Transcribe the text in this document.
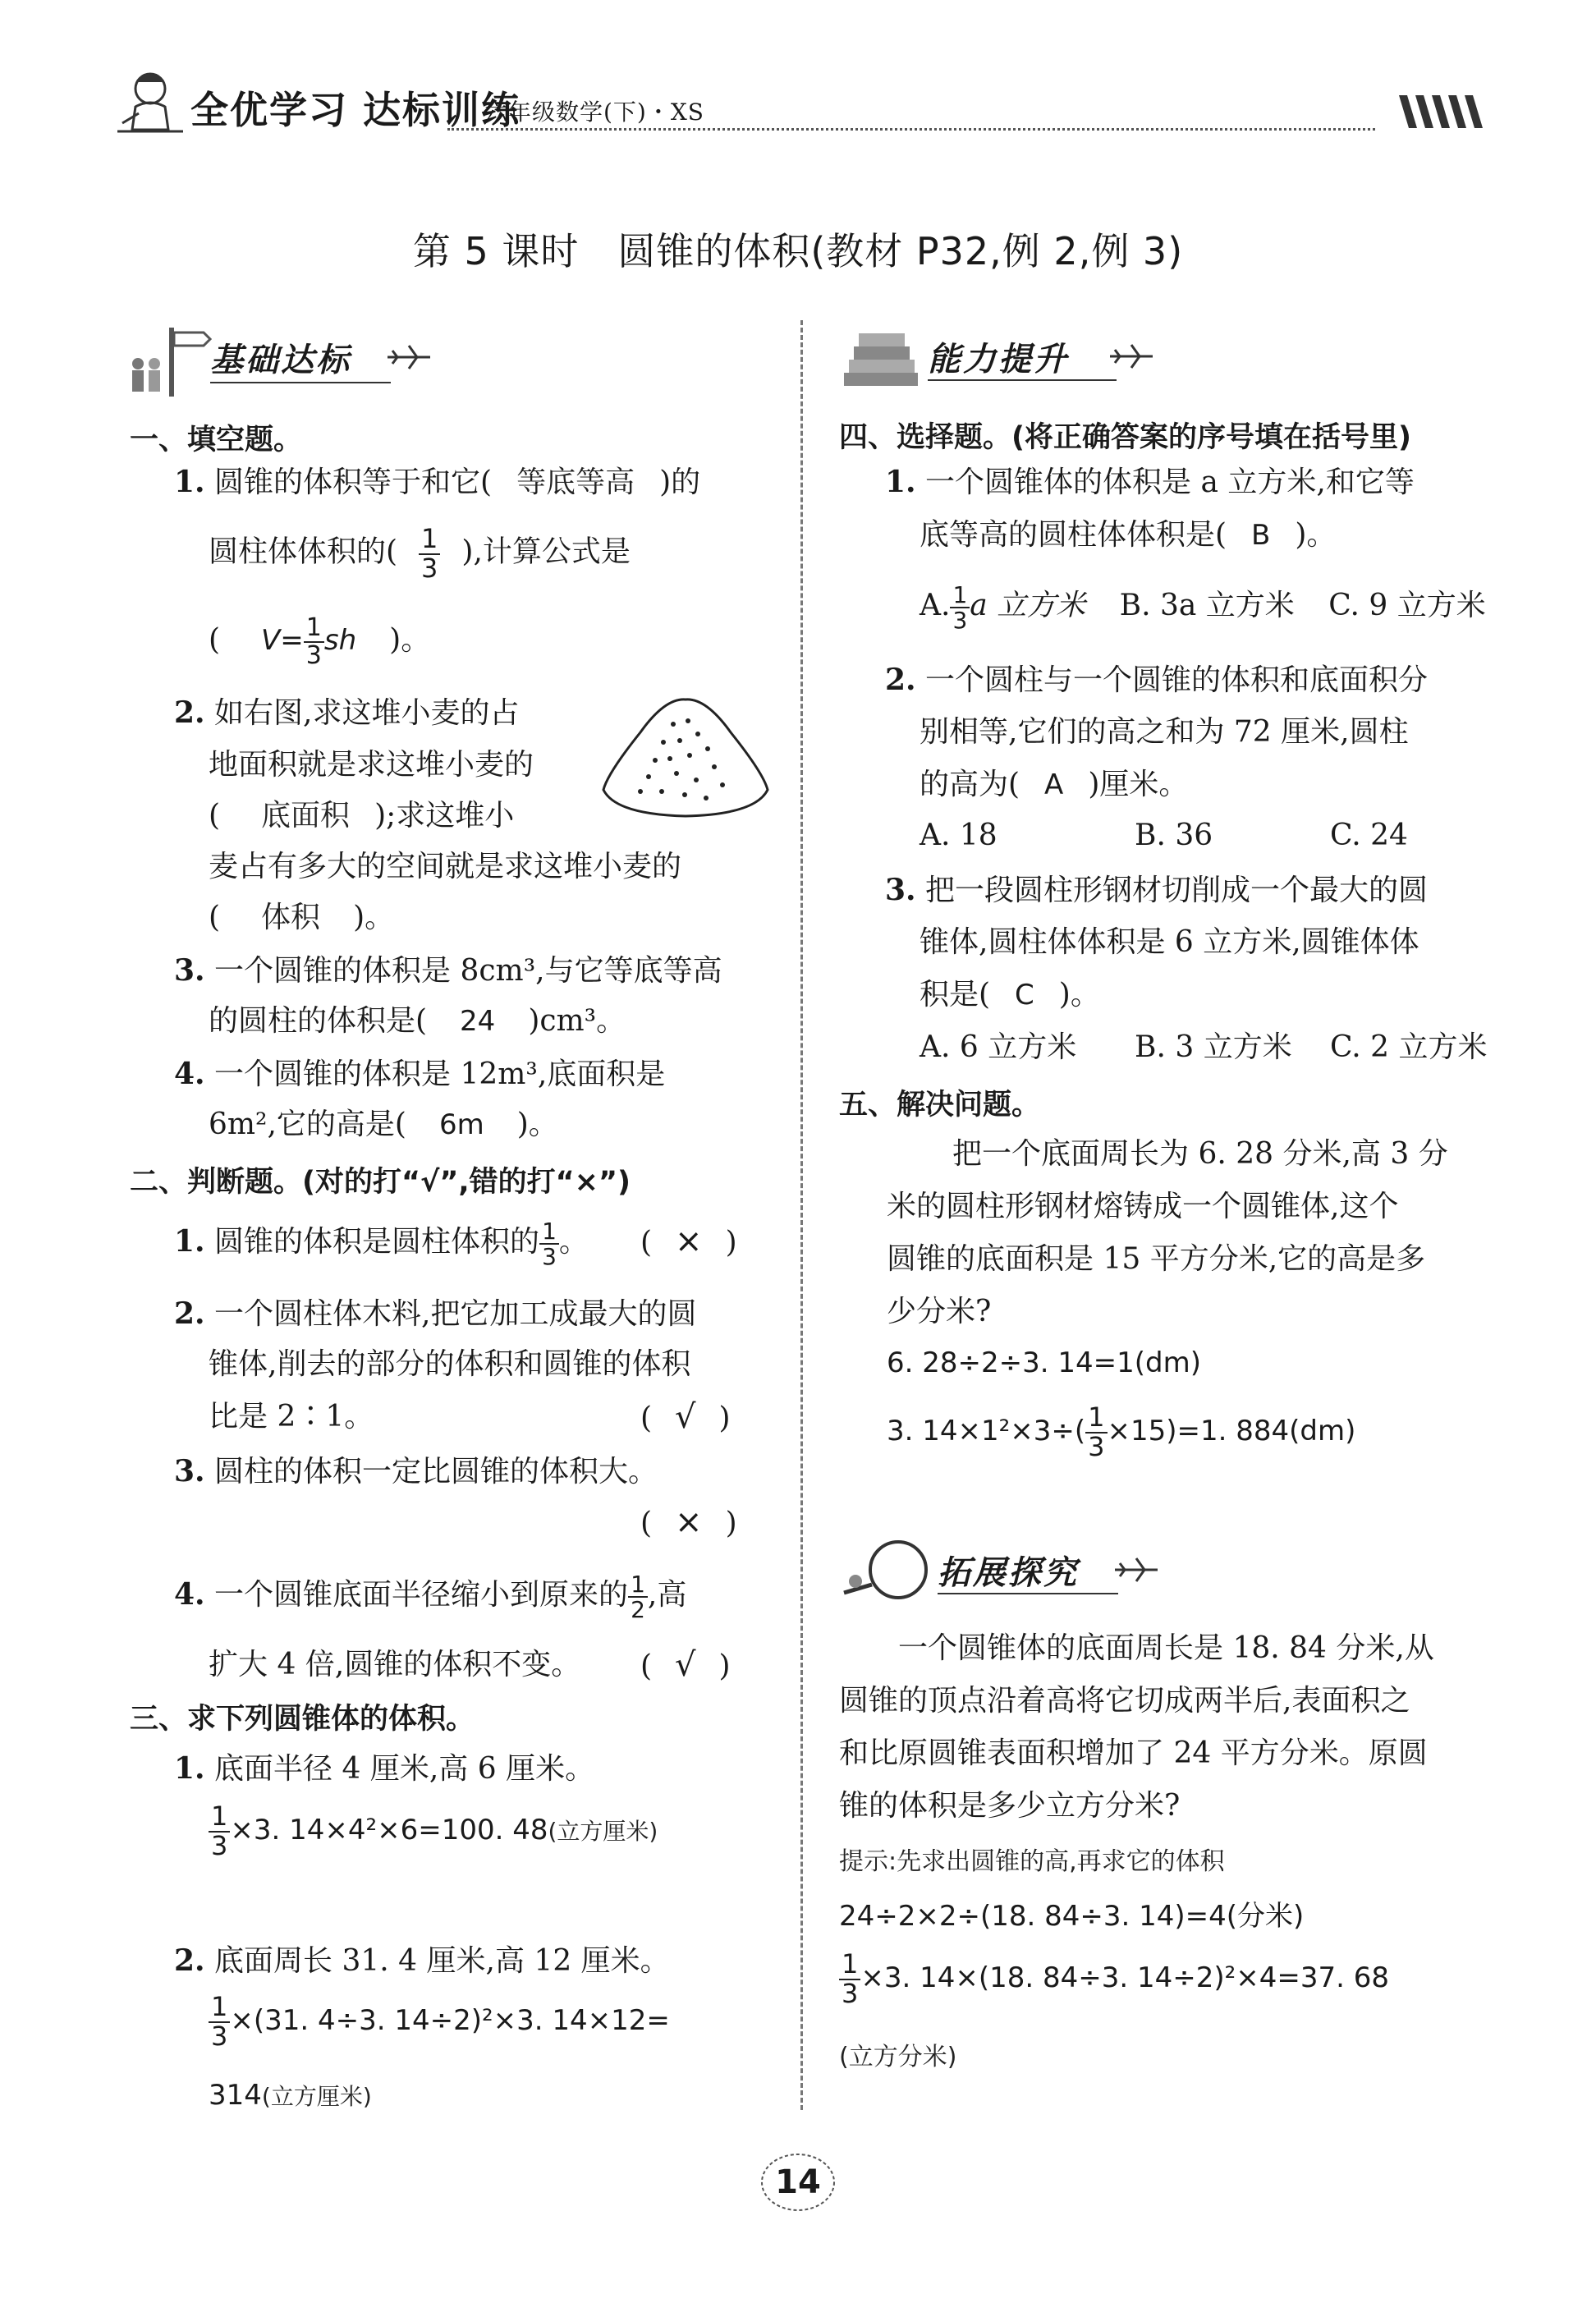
全优学习 达标训练
六年级数学(下)・XS
第 5 课时　圆锥的体积(教材 P32,例 2,例 3)
基础达标
一、填空题。
1. 圆锥的体积等于和它( 等底等高 )的
圆柱体体积的( $\frac{1}{3}$ ),计算公式是
( $V= \frac{1}{3}$ sh )。
2. 如右图,求这堆小麦的占
地面积就是求这堆小麦的
( 底面积 );求这堆小
麦占有多大的空间就是求这堆小麦的
( 体积 )。
3. 一个圆锥的体积是 8cm³,与它等底等高
的圆柱的体积是( 24 )cm³。
4. 一个圆锥的体积是 12m³,底面积是
6m²,它的高是( 6m )。
二、判断题。(对的打“√”,错的打“×”)
1. 圆锥的体积是圆柱体积的 $\frac{1}{3}$ 。 ( × )
2. 一个圆柱体木料,把它加工成最大的圆
锥体,削去的部分的体积和圆锥的体积
比是 2∶1。	( √ )
3. 圆柱的体积一定比圆锥的体积大。
( × )
4. 一个圆锥底面半径缩小到原来的 $\frac{1}{2}$ ,高
扩大 4 倍,圆锥的体积不变。 ( √ )
三、求下列圆锥体的体积。
1. 底面半径 4 厘米,高 6 厘米。
$\frac{1}{3} \times 3$. 14×4²×6=100. 48(立方厘米)
2. 底面周长 31. 4 厘米,高 12 厘米。
$\frac{1}{3} \times(31$. 4÷3. 14÷2)²×3. 14×12=
314(立方厘米)
能力提升
四、选择题。(将正确答案的序号填在括号里)
1. 一个圆锥体的体积是 a 立方米,和它等
底等高的圆柱体体积是( B )。
A. $\frac{1}{3}$ a 立方米 B. 3a 立方米 C. 9 立方米
2. 一个圆柱与一个圆锥的体积和底面积分
别相等,它们的高之和为 72 厘米,圆柱
的高为( A )厘米。
A. 18	B. 36	C. 24
3. 把一段圆柱形钢材切削成一个最大的圆
锥体,圆柱体体积是 6 立方米,圆锥体体
积是( C )。
A. 6 立方米 B. 3 立方米 C. 2 立方米
五、解决问题。
把一个底面周长为 6. 28 分米,高 3 分
米的圆柱形钢材熔铸成一个圆锥体,这个
圆锥的底面积是 15 平方分米,它的高是多
少分米?
6. 28÷2÷3. 14=1(dm)
3. $14\times 1^2\times 3\div( \frac{1}{3} \times 15)=1$. 884(dm)
拓展探究
一个圆锥体的底面周长是 18. 84 分米,从
圆锥的顶点沿着高将它切成两半后,表面积之
和比原圆锥表面积增加了 24 平方分米。原圆
锥的体积是多少立方分米?
提示:先求出圆锥的高,再求它的体积
24÷2×2÷(18. 84÷3. 14)=4(分米)
$\frac{1}{3} \times 3$. 14×(18. 84÷3. 14÷2)²×4=37. 68
(立方分米)
14
